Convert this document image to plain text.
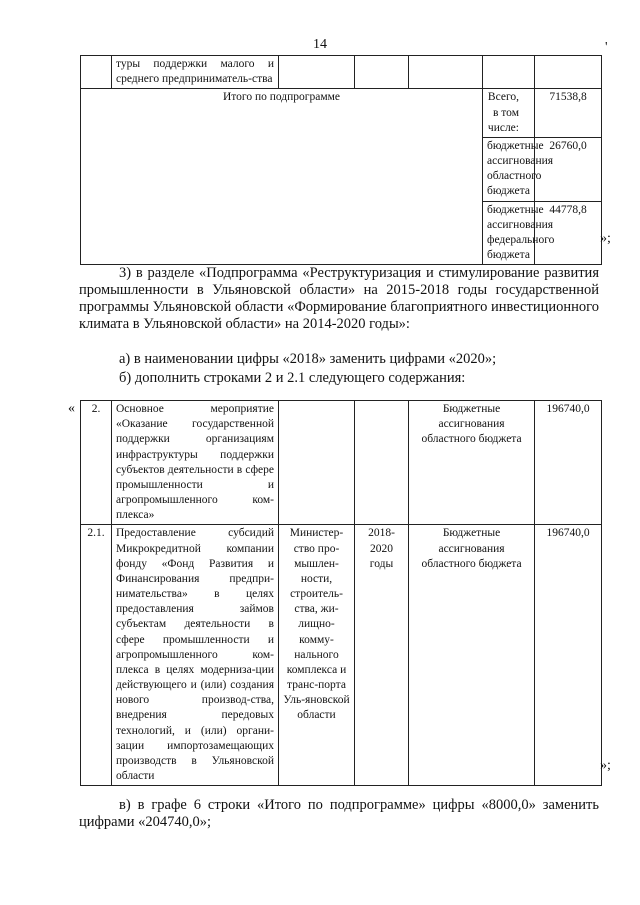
14	'
	туры поддержки малого и среднего предприниматель-ства					
Итого по подпрограмме					Всего,
в том числе:	71538,8
					бюджетные ассигнования областного бюджета	26760,0
					бюджетные ассигнования федерального бюджета	44778,8
»;
3) в разделе «Подпрограмма «Реструктуризация и стимулирование развития промышленности в Ульяновской области» на 2015-2018 годы государственной программы Ульяновской области «Формирование благоприятного инвестиционного климата в Ульяновской области» на 2014-2020 годы»:
а) в наименовании цифры «2018» заменить цифрами «2020»;
б) дополнить строками 2 и 2.1 следующего содержания:
« 2.	Основное мероприятие «Оказание государственной поддержки организациям инфраструктуры поддержки субъектов деятельности в сфере промышленности и агропромышленного ком-плекса»			Бюджетные ассигнования областного бюджета	196740,0
2.1.	Предоставление субсидий Микрокредитной компании фонду «Фонд Развития и Финансирования предпри-нимательства» в целях предоставления займов субъектам деятельности в сфере промышленности и агропромышленного ком-плекса в целях модерниза-ции действующего и (или) создания нового производ-ства, внедрения передовых технологий, и (или) органи-зации импортозамещающих производств в Ульяновской области	Министер-ство про-мышлен-ности, строитель-ства, жи-лищно-комму-нального комплекса и транс-порта Уль-яновской области	2018-2020 годы	Бюджетные ассигнования областного бюджета	196740,0
»;
в) в графе 6 строки «Итого по подпрограмме» цифры «8000,0» заменить цифрами «204740,0»;
